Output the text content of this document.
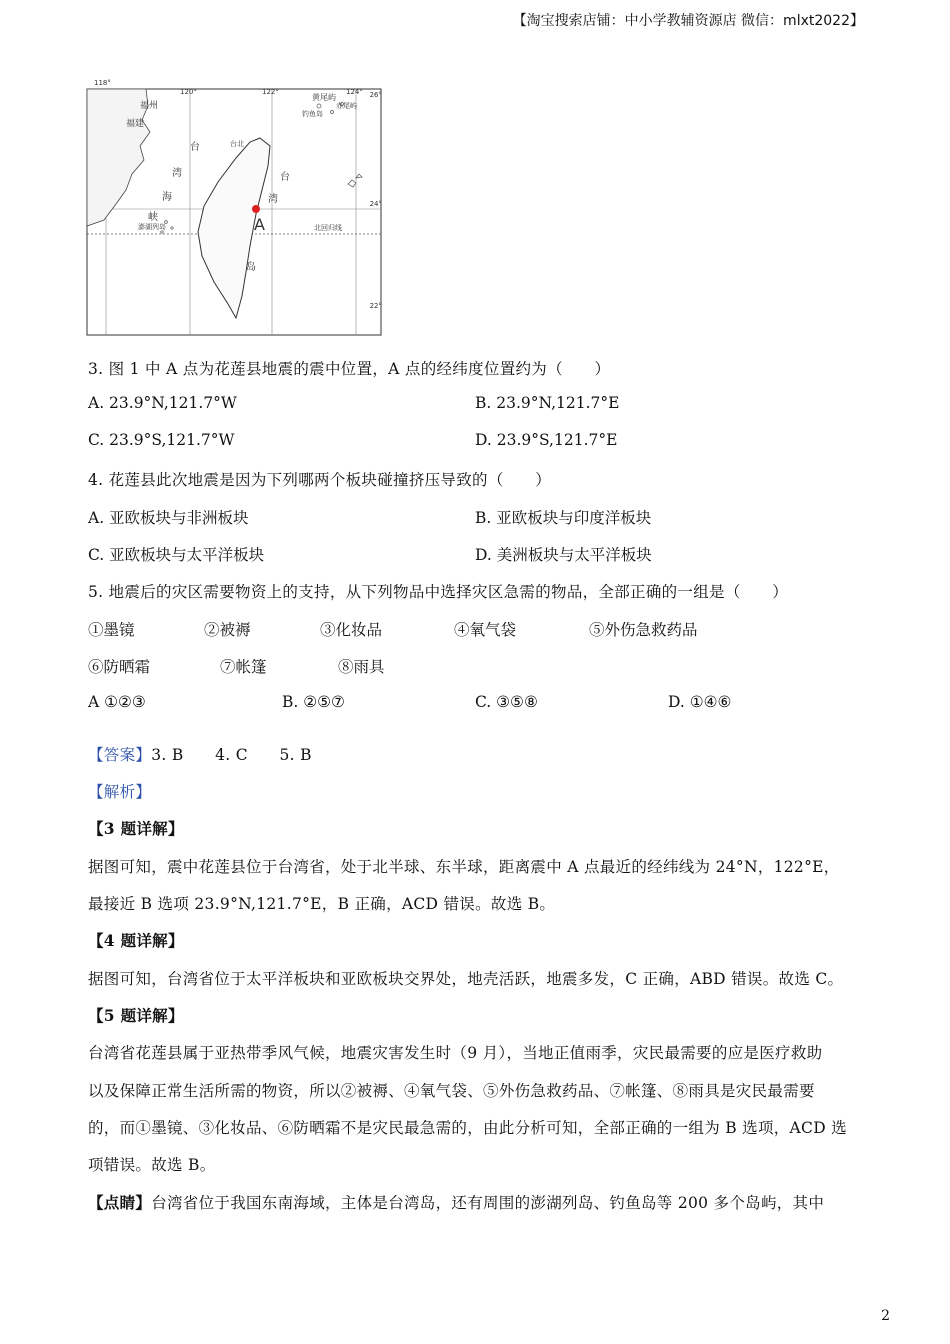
【淘宝搜索店铺：中小学教辅资源店 微信：mlxt2022】
118°
120°	122°	124° 26°
24°
22°
福州
福建
黄尾屿
赤尾屿
钓鱼岛
台北
台
湾
海
峡
台
湾
岛
澎湖列岛	北回归线
A
3. 图 1 中 A 点为花莲县地震的震中位置，A 点的经纬度位置约为（　　）
A. 23.9°N,121.7°W	B. 23.9°N,121.7°E
C. 23.9°S,121.7°W	D. 23.9°S,121.7°E
4. 花莲县此次地震是因为下列哪两个板块碰撞挤压导致的（　　）
A. 亚欧板块与非洲板块	B. 亚欧板块与印度洋板块
C. 亚欧板块与太平洋板块	D. 美洲板块与太平洋板块
5. 地震后的灾区需要物资上的支持，从下列物品中选择灾区急需的物品，全部正确的一组是（　　）
①墨镜	②被褥	③化妆品	④氧气袋	⑤外伤急救药品
⑥防晒霜	⑦帐篷	⑧雨具
A ①②③	B. ②⑤⑦	C. ③⑤⑧	D. ①④⑥
【答案】3. B　　4. C　　5. B
【解析】
【3 题详解】
据图可知，震中花莲县位于台湾省，处于北半球、东半球，距离震中 A 点最近的经纬线为 24°N，122°E，
最接近 B 选项 23.9°N,121.7°E，B 正确，ACD 错误。故选 B。
【4 题详解】
据图可知，台湾省位于太平洋板块和亚欧板块交界处，地壳活跃，地震多发，C 正确，ABD 错误。故选 C。
【5 题详解】
台湾省花莲县属于亚热带季风气候，地震灾害发生时（9 月），当地正值雨季，灾民最需要的应是医疗救助
以及保障正常生活所需的物资，所以②被褥、④氧气袋、⑤外伤急救药品、⑦帐篷、⑧雨具是灾民最需要
的，而①墨镜、③化妆品、⑥防晒霜不是灾民最急需的，由此分析可知，全部正确的一组为 B 选项，ACD 选
项错误。故选 B。
【点睛】台湾省位于我国东南海域，主体是台湾岛，还有周围的澎湖列岛、钓鱼岛等 200 多个岛屿，其中
2
